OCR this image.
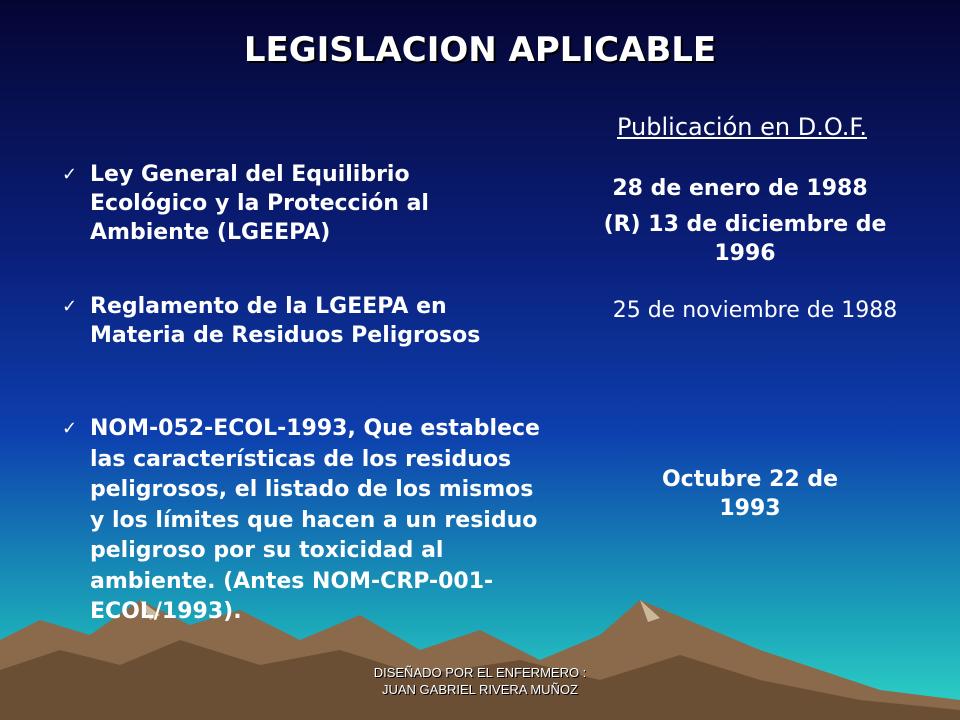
LEGISLACION APLICABLE
Publicación en D.O.F.
✓ Ley General del Equilibrio Ecológico y la Protección al Ambiente (LGEEPA)
28 de enero de 1988
(R) 13 de diciembre de 1996
✓ Reglamento de la LGEEPA en Materia de Residuos Peligrosos
25 de noviembre de 1988
✓ NOM-052-ECOL-1993, Que establece las características de los residuos peligrosos, el listado de los mismos y los límites que hacen a un residuo peligroso por su toxicidad al ambiente. (Antes NOM-CRP-001-ECOL/1993).
Octubre 22 de 1993
DISEÑADO POR EL ENFERMERO :
JUAN GABRIEL RIVERA MUÑOZ
